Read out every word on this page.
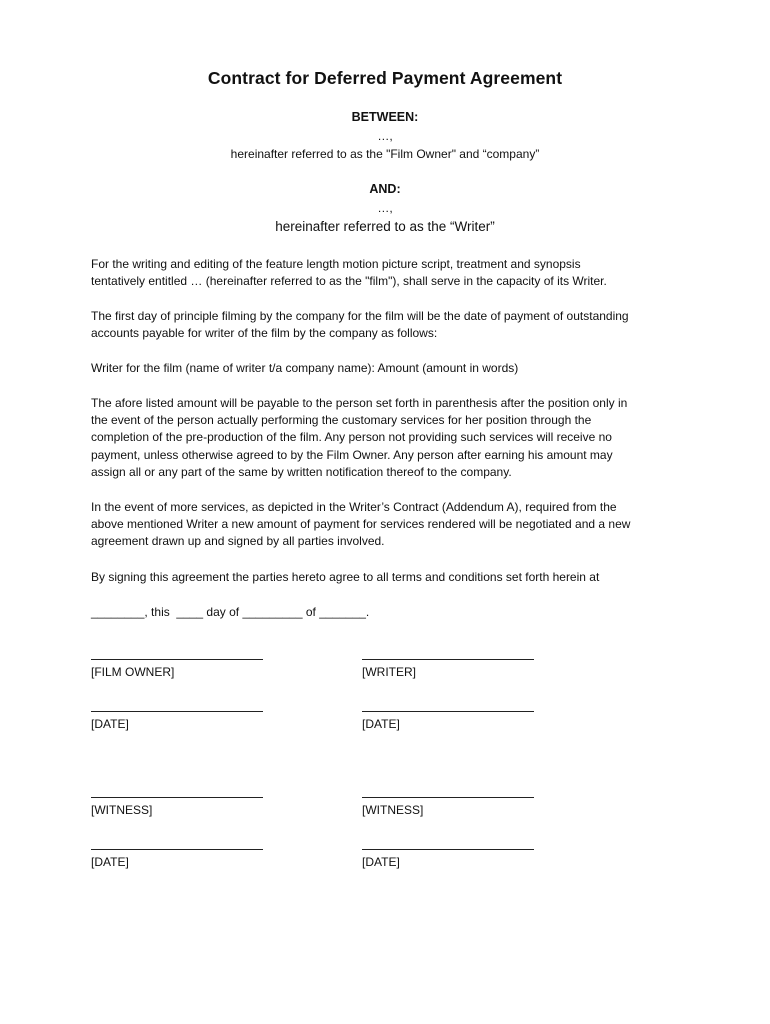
Contract for Deferred Payment Agreement
BETWEEN:
…,
hereinafter referred to as the "Film Owner" and “company”
AND:
…,
hereinafter referred to as the “Writer”
For the writing and editing of the feature length motion picture script, treatment and synopsis
tentatively entitled … (hereinafter referred to as the "film"), shall serve in the capacity of its Writer.
The first day of principle filming by the company for the film will be the date of payment of outstanding
accounts payable for writer of the film by the company as follows:
Writer for the film (name of writer t/a company name): Amount (amount in words)
The afore listed amount will be payable to the person set forth in parenthesis after the position only in
the event of the person actually performing the customary services for her position through the
completion of the pre-production of the film. Any person not providing such services will receive no
payment, unless otherwise agreed to by the Film Owner. Any person after earning his amount may
assign all or any part of the same by written notification thereof to the company.
In the event of more services, as depicted in the Writer’s Contract (Addendum A), required from the
above mentioned Writer a new amount of payment for services rendered will be negotiated and a new
agreement drawn up and signed by all parties involved.
By signing this agreement the parties hereto agree to all terms and conditions set forth herein at
________, this  ____ day of _________ of _______.
[FILM OWNER]	[WRITER]
[DATE]	[DATE]
[WITNESS]	[WITNESS]
[DATE]	[DATE]
